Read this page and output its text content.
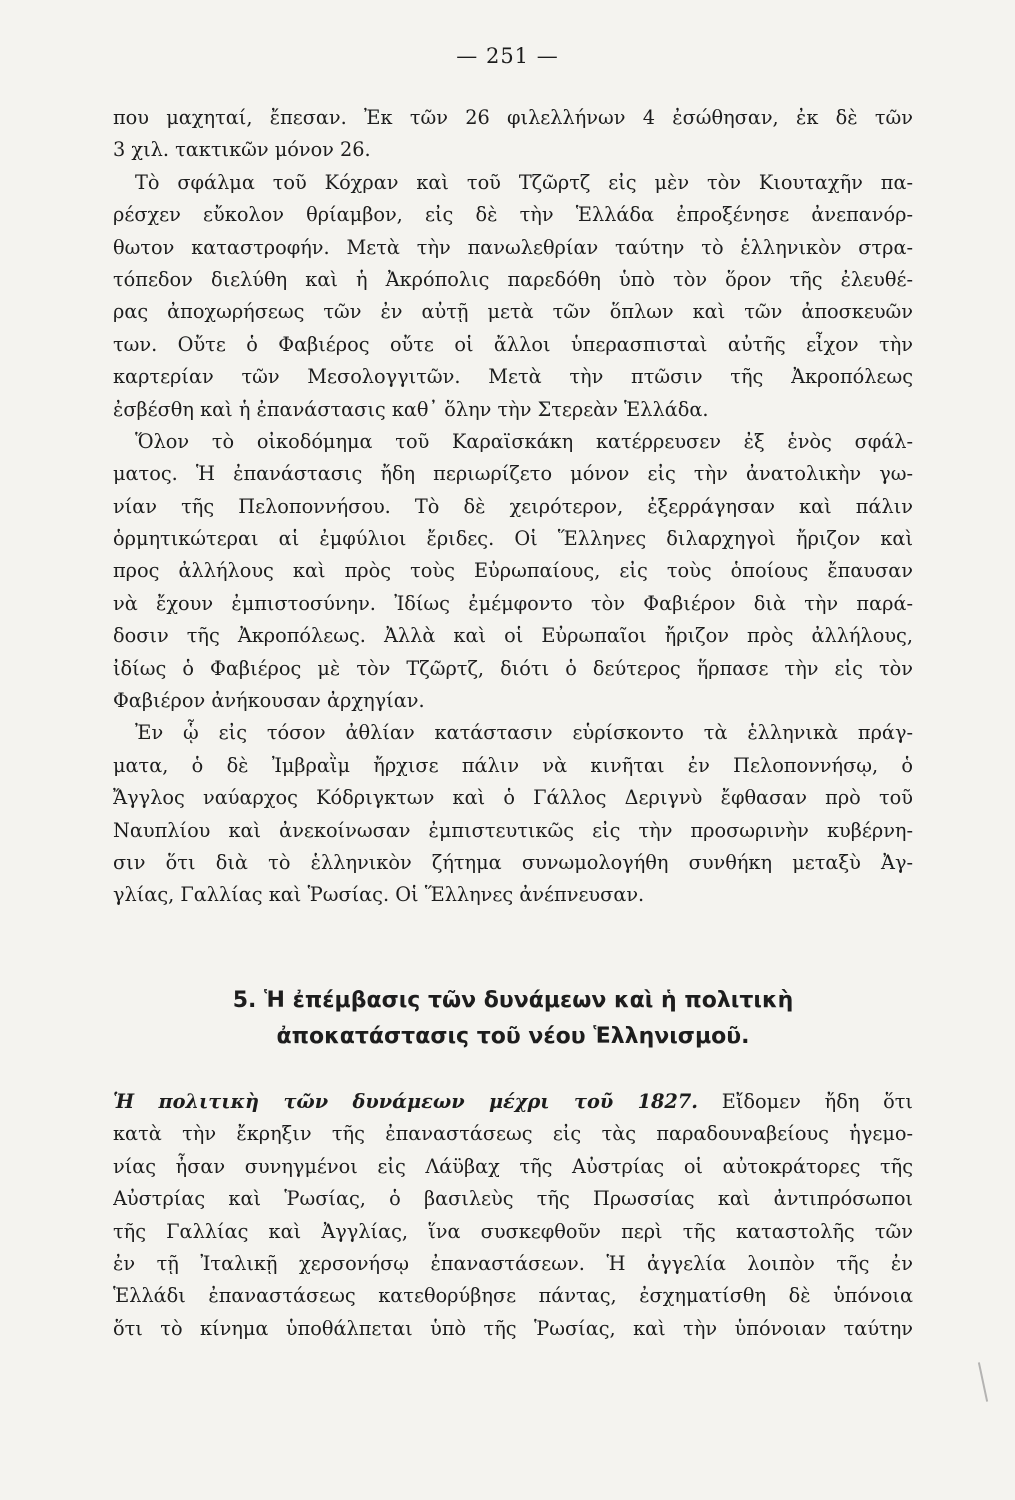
— 251 —
που μαχηταί, ἔπεσαν. Ἐκ τῶν 26 φιλελλήνων 4 ἐσώθησαν, ἐκ δὲ τῶν
3 χιλ. τακτικῶν μόνον 26.
Τὸ σφάλμα τοῦ Κόχραν καὶ τοῦ Τζῶρτζ εἰς μὲν τὸν Κιουταχῆν πα-
ρέσχεν εὔκολον θρίαμβον, εἰς δὲ τὴν Ἑλλάδα ἐπροξένησε ἀνεπανόρ-
θωτον καταστροφήν. Μετὰ τὴν πανωλεθρίαν ταύτην τὸ ἑλληνικὸν στρα-
τόπεδον διελύθη καὶ ἡ Ἀκρόπολις παρεδόθη ὑπὸ τὸν ὅρον τῆς ἐλευθέ-
ρας ἀποχωρήσεως τῶν ἐν αὐτῇ μετὰ τῶν ὅπλων καὶ τῶν ἀποσκευῶν
των. Οὔτε ὁ Φαβιέρος οὔτε οἱ ἄλλοι ὑπερασπισταὶ αὐτῆς εἶχον τὴν
καρτερίαν τῶν Μεσολογγιτῶν. Μετὰ τὴν πτῶσιν τῆς Ἀκροπόλεως
ἐσβέσθη καὶ ἡ ἐπανάστασις καθ᾽ ὅλην τὴν Στερεὰν Ἑλλάδα.
Ὅλον τὸ οἰκοδόμημα τοῦ Καραϊσκάκη κατέρρευσεν ἐξ ἑνὸς σφάλ-
ματος. Ἡ ἐπανάστασις ἤδη περιωρίζετο μόνον εἰς τὴν ἀνατολικὴν γω-
νίαν τῆς Πελοποννήσου. Τὸ δὲ χειρότερον, ἐξερράγησαν καὶ πάλιν
ὁρμητικώτεραι αἱ ἐμφύλιοι ἔριδες. Οἱ Ἕλληνες διλαρχηγοὶ ἤριζον καὶ
προς ἀλλήλους καὶ πρὸς τοὺς Εὐρωπαίους, εἰς τοὺς ὁποίους ἔπαυσαν
νὰ ἔχουν ἐμπιστοσύνην. Ἰδίως ἐμέμφοντο τὸν Φαβιέρον διὰ τὴν παρά-
δοσιν τῆς Ἀκροπόλεως. Ἀλλὰ καὶ οἱ Εὐρωπαῖοι ἤριζον πρὸς ἀλλήλους,
ἰδίως ὁ Φαβιέρος μὲ τὸν Τζῶρτζ, διότι ὁ δεύτερος ἥρπασε τὴν εἰς τὸν
Φαβιέρον ἀνήκουσαν ἀρχηγίαν.
Ἐν ᾧ εἰς τόσον ἀθλίαν κατάστασιν εὑρίσκοντο τὰ ἑλληνικὰ πράγ-
ματα, ὁ δὲ Ἰμβραῒμ ἤρχισε πάλιν νὰ κινῆται ἐν Πελοποννήσῳ, ὁ
Ἄγγλος ναύαρχος Κόδριγκτων καὶ ὁ Γάλλος Δεριγνὺ ἔφθασαν πρὸ τοῦ
Ναυπλίου καὶ ἀνεκοίνωσαν ἐμπιστευτικῶς εἰς τὴν προσωρινὴν κυβέρνη-
σιν ὅτι διὰ τὸ ἑλληνικὸν ζήτημα συνωμολογήθη συνθήκη μεταξὺ Ἀγ-
γλίας, Γαλλίας καὶ Ῥωσίας. Οἱ Ἕλληνες ἀνέπνευσαν.
5. Ἡ ἐπέμβασις τῶν δυνάμεων καὶ ἡ πολιτικὴ
ἀποκατάστασις τοῦ νέου Ἑλληνισμοῦ.
Ἡ πολιτικὴ τῶν δυνάμεων μέχρι τοῦ 1827. Εἴδομεν ἤδη ὅτι
κατὰ τὴν ἔκρηξιν τῆς ἐπαναστάσεως εἰς τὰς παραδουναβείους ἡγεμο-
νίας ἦσαν συνηγμένοι εἰς Λάϋβαχ τῆς Αὐστρίας οἱ αὐτοκράτορες τῆς
Αὐστρίας καὶ Ῥωσίας, ὁ βασιλεὺς τῆς Πρωσσίας καὶ ἀντιπρόσωποι
τῆς Γαλλίας καὶ Ἀγγλίας, ἵνα συσκεφθοῦν περὶ τῆς καταστολῆς τῶν
ἐν τῇ Ἰταλικῇ χερσονήσῳ ἐπαναστάσεων. Ἡ ἀγγελία λοιπὸν τῆς ἐν
Ἑλλάδι ἐπαναστάσεως κατεθορύβησε πάντας, ἐσχηματίσθη δὲ ὑπόνοια
ὅτι τὸ κίνημα ὑποθάλπεται ὑπὸ τῆς Ῥωσίας, καὶ τὴν ὑπόνοιαν ταύτην
